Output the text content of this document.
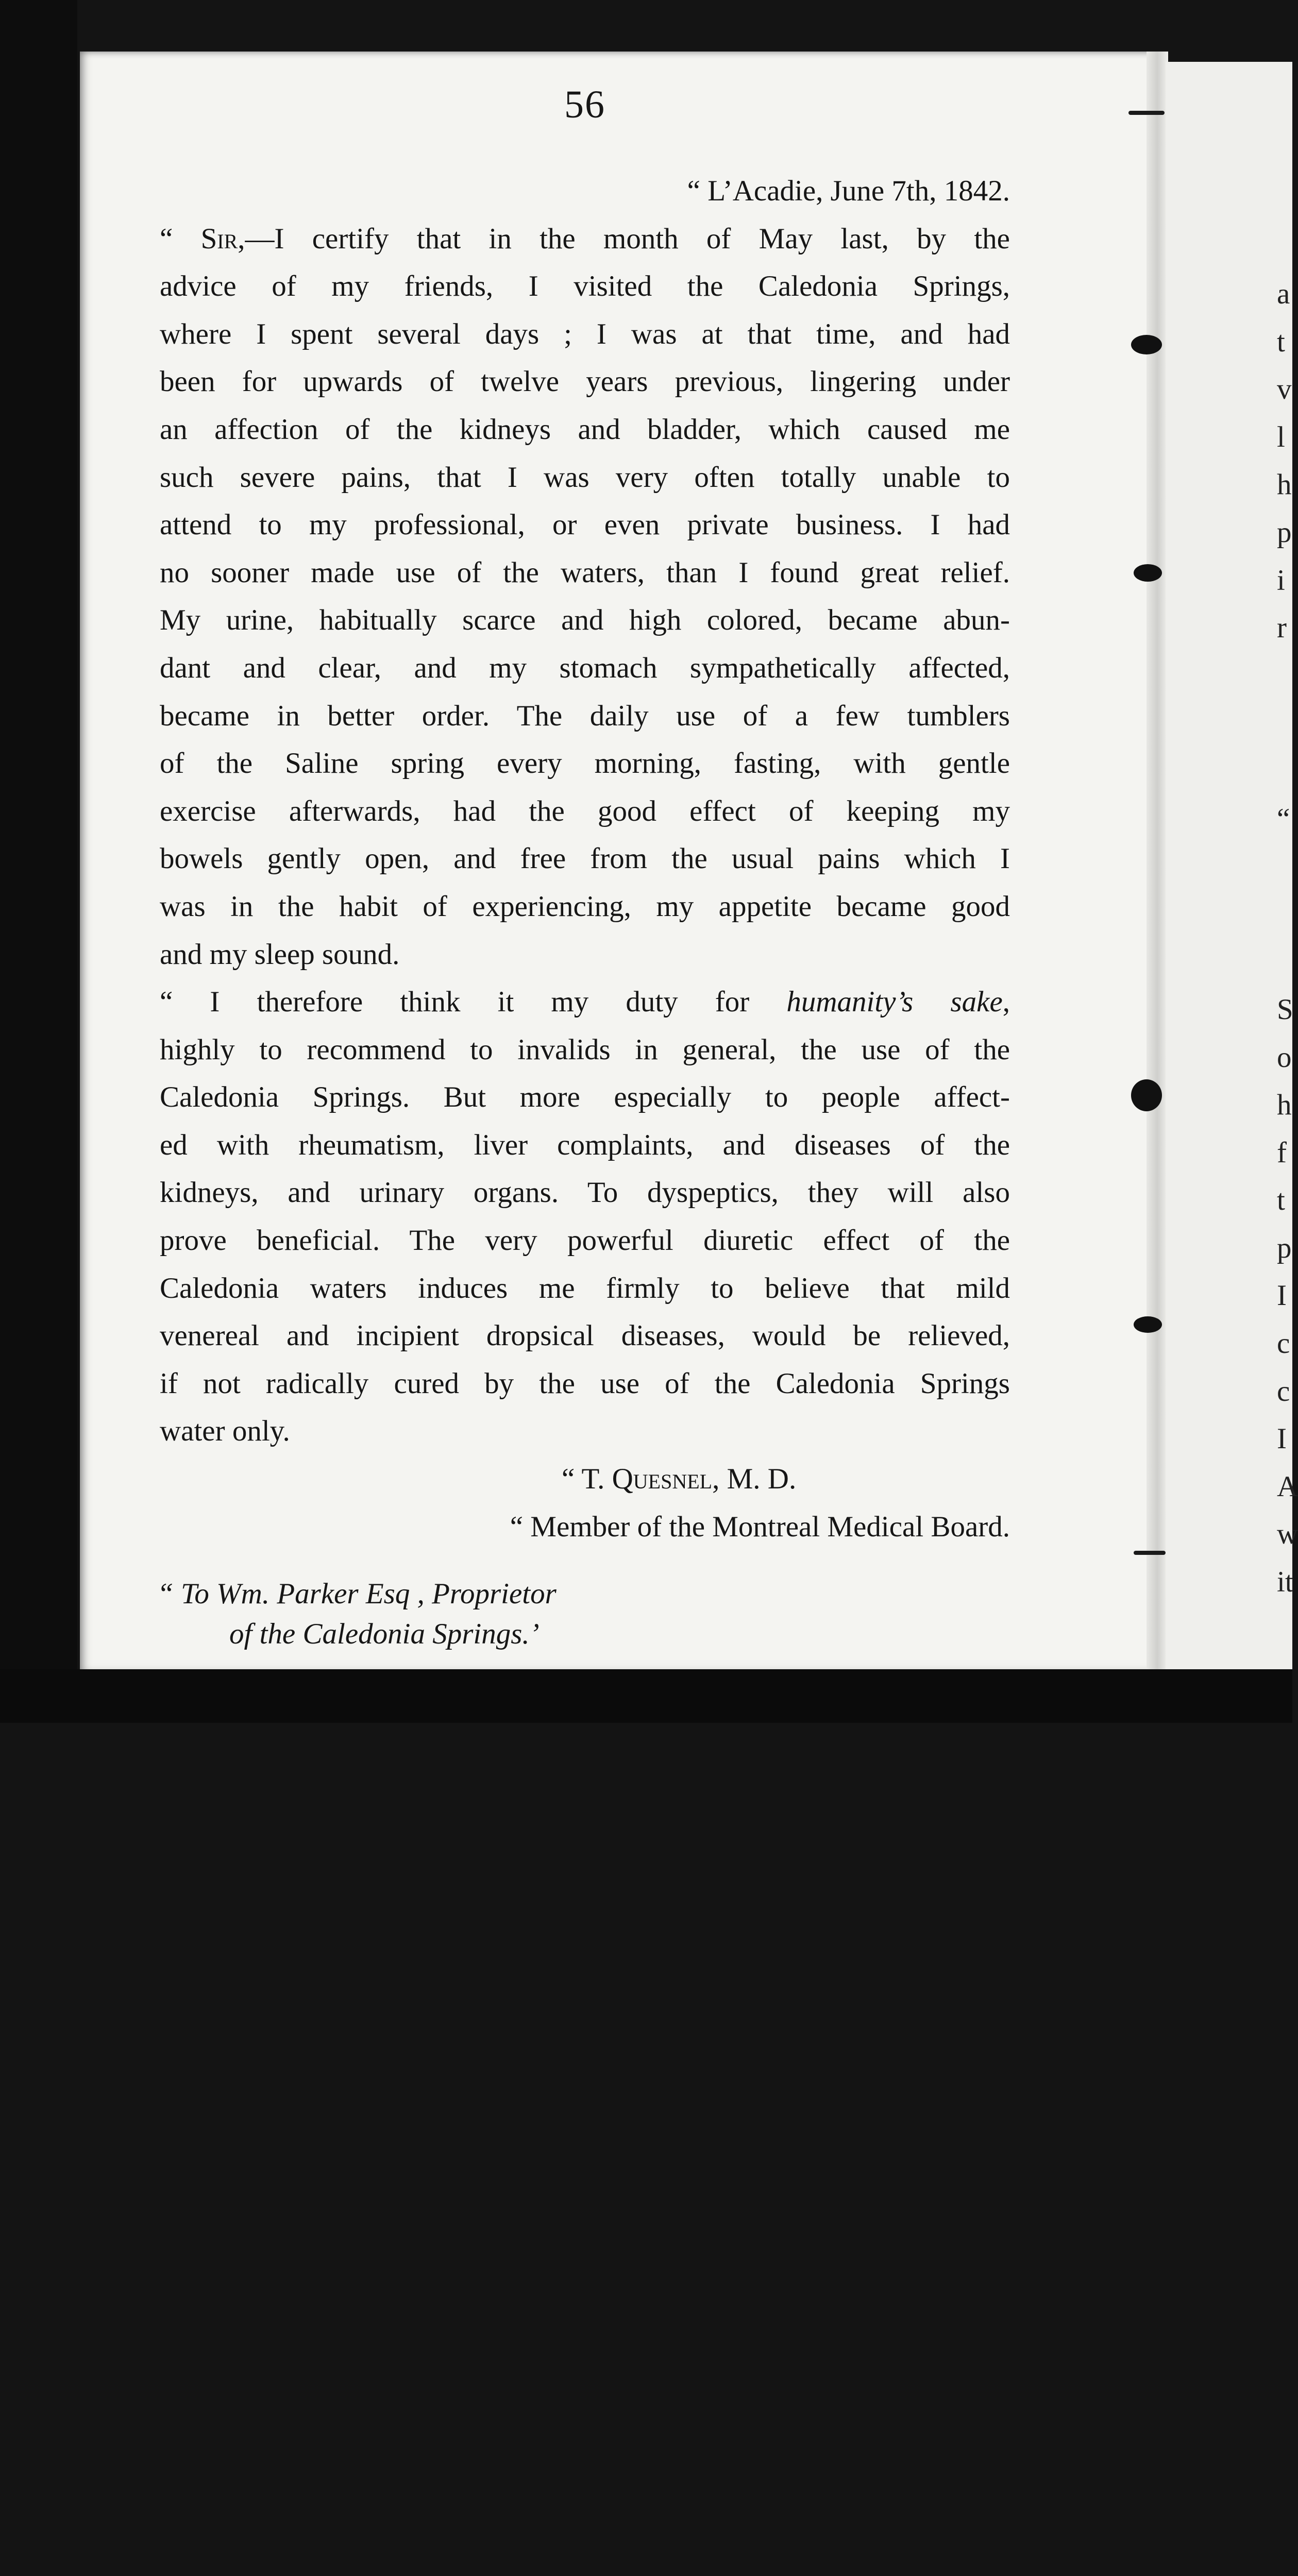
56
“ L’Acadie, June 7th, 1842.
“ Sir,—I certify that in the month of May last, by the
advice of my friends, I visited the Caledonia Springs,
where I spent several days ; I was at that time, and had
been for upwards of twelve years previous, lingering under
an affection of the kidneys and bladder, which caused me
such severe pains, that I was very often totally unable to
attend to my professional, or even private business. I had
no sooner made use of the waters, than I found great relief.
My urine, habitually scarce and high colored, became abun-
dant and clear, and my stomach sympathetically affected,
became in better order. The daily use of a few tumblers
of the Saline spring every morning, fasting, with gentle
exercise afterwards, had the good effect of keeping my
bowels gently open, and free from the usual pains which I
was in the habit of experiencing, my appetite became good
and my sleep sound.
“ I therefore think it my duty for humanity’s sake,
highly to recommend to invalids in general, the use of the
Caledonia Springs. But more especially to people affect-
ed with rheumatism, liver complaints, and diseases of the
kidneys, and urinary organs. To dyspeptics, they will also
prove beneficial. The very powerful diuretic effect of the
Caledonia waters induces me firmly to believe that mild
venereal and incipient dropsical diseases, would be relieved,
if not radically cured by the use of the Caledonia Springs
water only.
“ T. Quesnel, M. D.
“ Member of the Montreal Medical Board.
“ To Wm. Parker Esq , Proprietor
of the Caledonia Springs.’
a
t
v
l
h
p
i
r
“
S
o
h
f
t
p
I
c
c
I
A
w
it
